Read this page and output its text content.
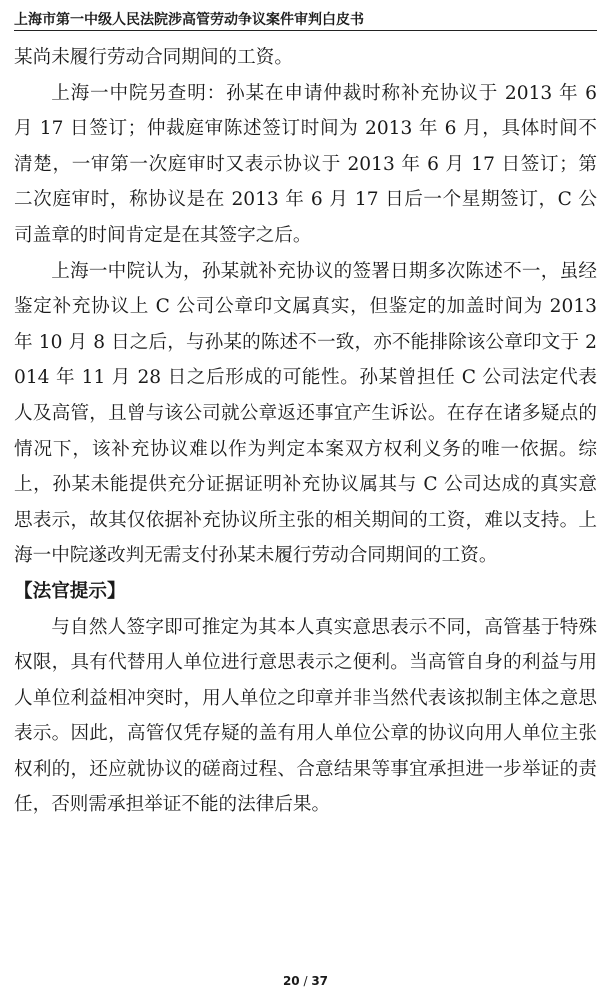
上海市第一中级人民法院涉高管劳动争议案件审判白皮书

某尚未履行劳动合同期间的工资。

上海一中院另查明：孙某在申请仲裁时称补充协议于 2013 年 6 月 17 日签订；仲裁庭审陈述签订时间为 2013 年 6 月，具体时间不清楚，一审第一次庭审时又表示协议于 2013 年 6 月 17 日签订；第二次庭审时，称协议是在 2013 年 6 月 17 日后一个星期签订，C 公司盖章的时间肯定是在其签字之后。

上海一中院认为，孙某就补充协议的签署日期多次陈述不一，虽经鉴定补充协议上 C 公司公章印文属真实，但鉴定的加盖时间为 2013 年 10 月 8 日之后，与孙某的陈述不一致，亦不能排除该公章印文于 2014 年 11 月 28 日之后形成的可能性。孙某曾担任 C 公司法定代表人及高管，且曾与该公司就公章返还事宜产生诉讼。在存在诸多疑点的情况下，该补充协议难以作为判定本案双方权利义务的唯一依据。综上，孙某未能提供充分证据证明补充协议属其与 C 公司达成的真实意思表示，故其仅依据补充协议所主张的相关期间的工资，难以支持。上海一中院遂改判无需支付孙某未履行劳动合同期间的工资。

【法官提示】

与自然人签字即可推定为其本人真实意思表示不同，高管基于特殊权限，具有代替用人单位进行意思表示之便利。当高管自身的利益与用人单位利益相冲突时，用人单位之印章并非当然代表该拟制主体之意思表示。因此，高管仅凭存疑的盖有用人单位公章的协议向用人单位主张权利的，还应就协议的磋商过程、合意结果等事宜承担进一步举证的责任，否则需承担举证不能的法律后果。

20 / 37
